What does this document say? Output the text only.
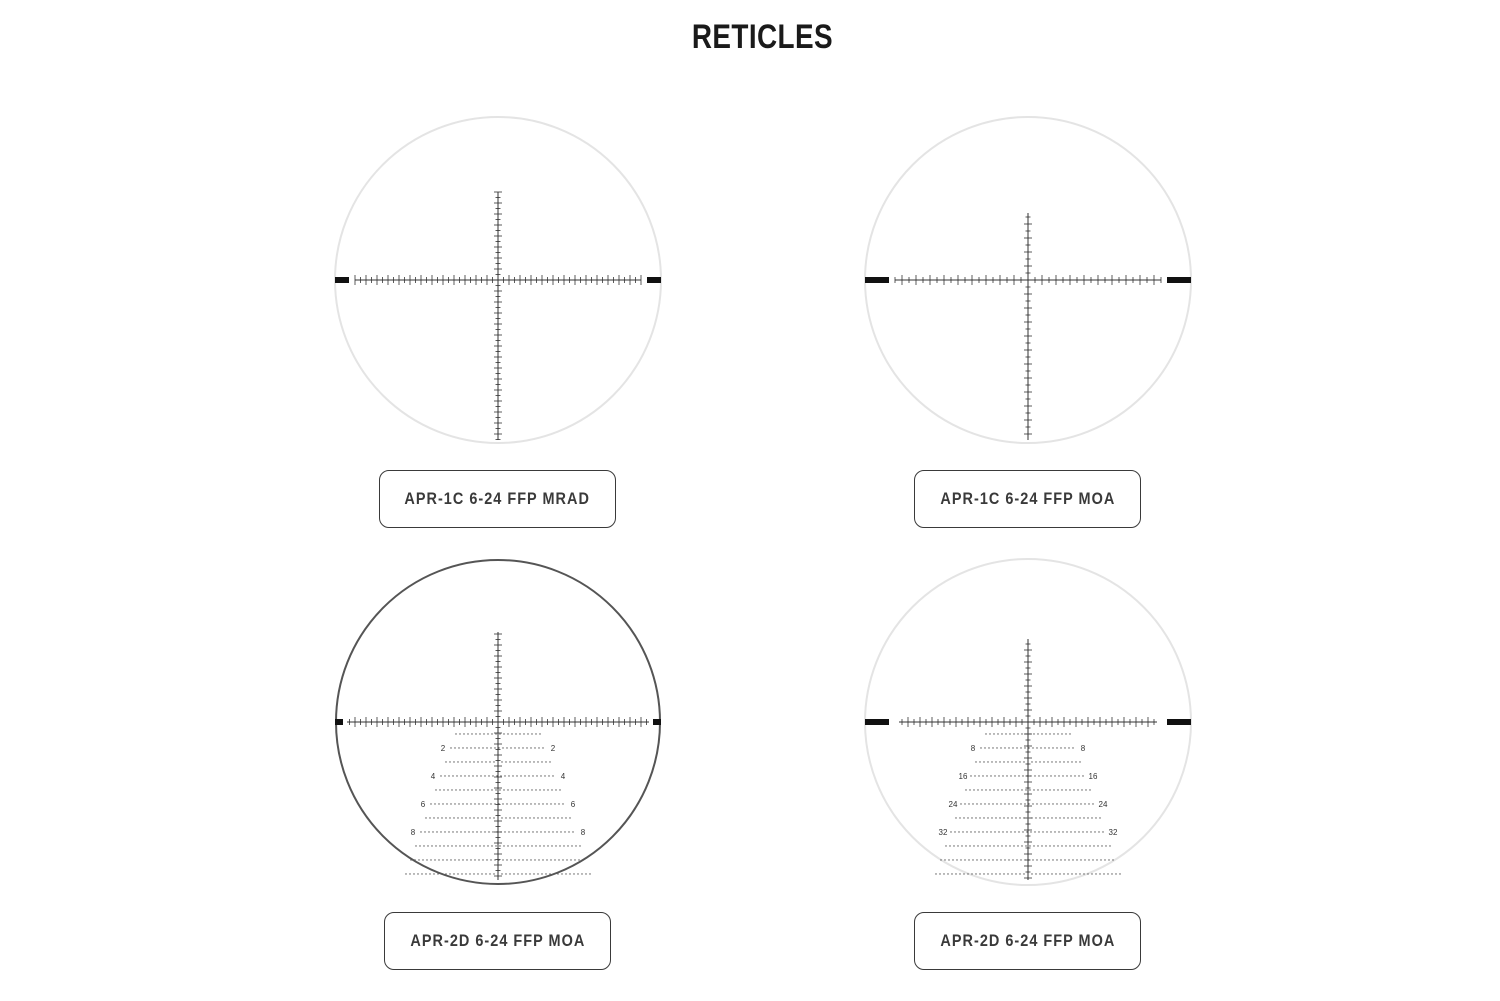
RETICLES
APR-1C 6-24 FFP MRAD	APR-1C 6-24 FFP MOA
2	2
4	4
6	6
8	8
APR-2D 6-24 FFP MOA
8	8
16	16
24	24
32	32
APR-2D 6-24 FFP MOA
